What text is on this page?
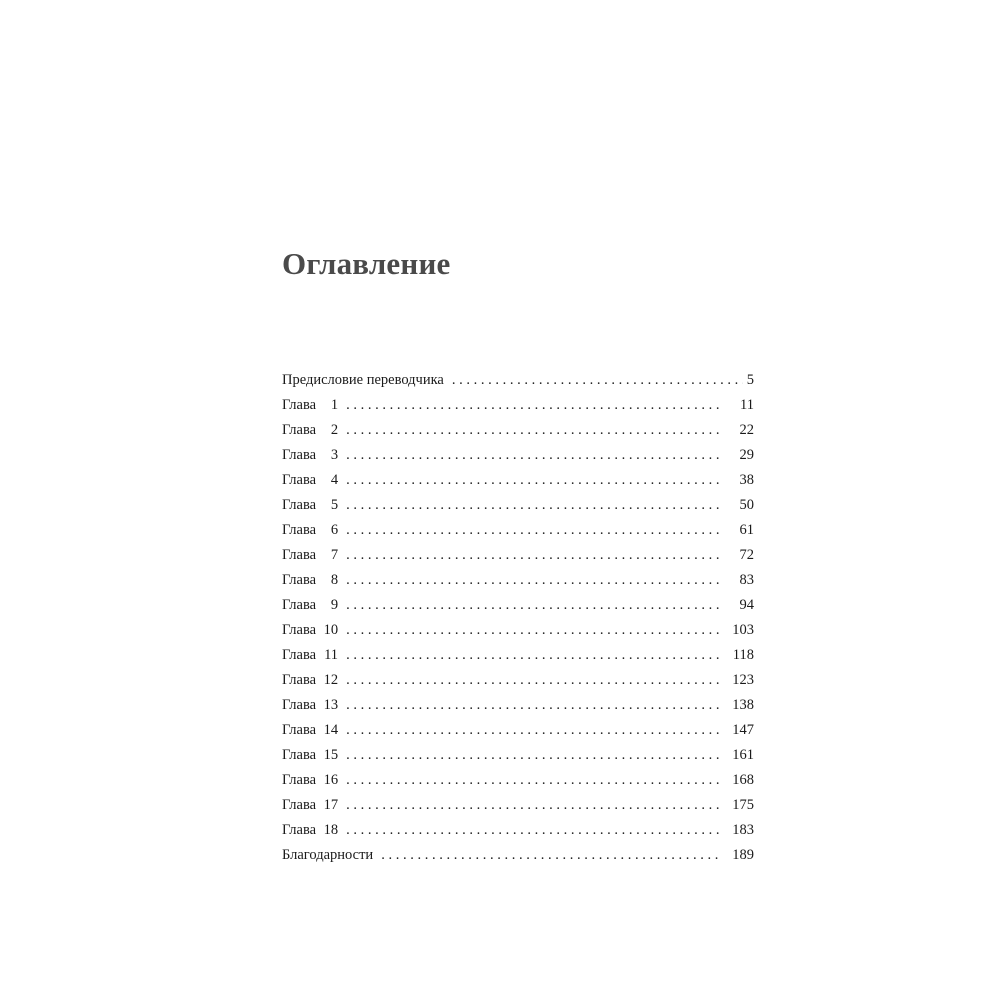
Оглавление
Предисловие переводчика . . .	5
Глава 1 . . .	11
Глава 2 . . .	22
Глава 3 . . .	29
Глава 4 . . .	38
Глава 5 . . .	50
Глава 6 . . .	61
Глава 7 . . .	72
Глава 8 . . .	83
Глава 9 . . .	94
Глава 10 . . .	103
Глава 11 . . .	118
Глава 12 . . .	123
Глава 13 . . .	138
Глава 14 . . .	147
Глава 15 . . .	161
Глава 16 . . .	168
Глава 17 . . .	175
Глава 18 . . .	183
Благодарности . . .	189
